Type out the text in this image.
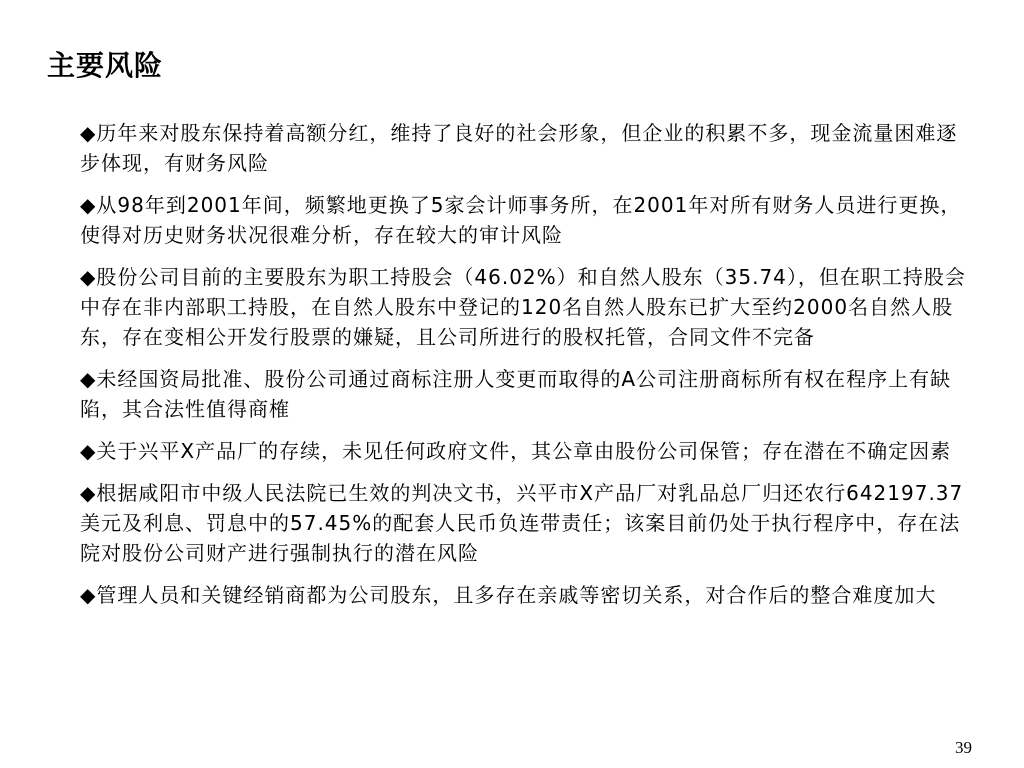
主要风险
◆历年来对股东保持着高额分红，维持了良好的社会形象，但企业的积累不多，现金流量困难逐步体现，有财务风险
◆从98年到2001年间，频繁地更换了5家会计师事务所，在2001年对所有财务人员进行更换，使得对历史财务状况很难分析，存在较大的审计风险
◆股份公司目前的主要股东为职工持股会（46.02%）和自然人股东（35.74），但在职工持股会中存在非内部职工持股，在自然人股东中登记的120名自然人股东已扩大至约2000名自然人股东，存在变相公开发行股票的嫌疑，且公司所进行的股权托管，合同文件不完备
◆未经国资局批准、股份公司通过商标注册人变更而取得的A公司注册商标所有权在程序上有缺陷，其合法性值得商榷
◆关于兴平X产品厂的存续，未见任何政府文件，其公章由股份公司保管；存在潜在不确定因素
◆根据咸阳市中级人民法院已生效的判决文书，兴平市X产品厂对乳品总厂归还农行642197.37美元及利息、罚息中的57.45%的配套人民币负连带责任；该案目前仍处于执行程序中，存在法院对股份公司财产进行强制执行的潜在风险
◆管理人员和关键经销商都为公司股东，且多存在亲戚等密切关系，对合作后的整合难度加大
39
